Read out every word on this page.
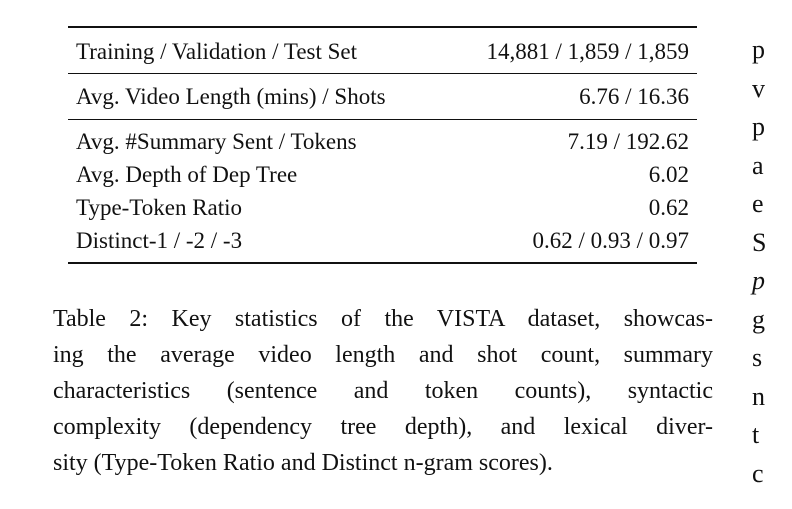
Training / Validation / Test Set	14,881 / 1,859 / 1,859
Avg. Video Length (mins) / Shots	6.76 / 16.36
Avg. #Summary Sent / Tokens	7.19 / 192.62
Avg. Depth of Dep Tree	6.02
Type-Token Ratio	0.62
Distinct-1 / -2 / -3	0.62 / 0.93 / 0.97
Table 2: Key statistics of the VISTA dataset, showcas-
ing the average video length and shot count, summary
characteristics (sentence and token counts), syntactic
complexity (dependency tree depth), and lexical diver-
sity (Type-Token Ratio and Distinct n-gram scores).
p
v
p
a
e
S
p
g
s
n
t
c
